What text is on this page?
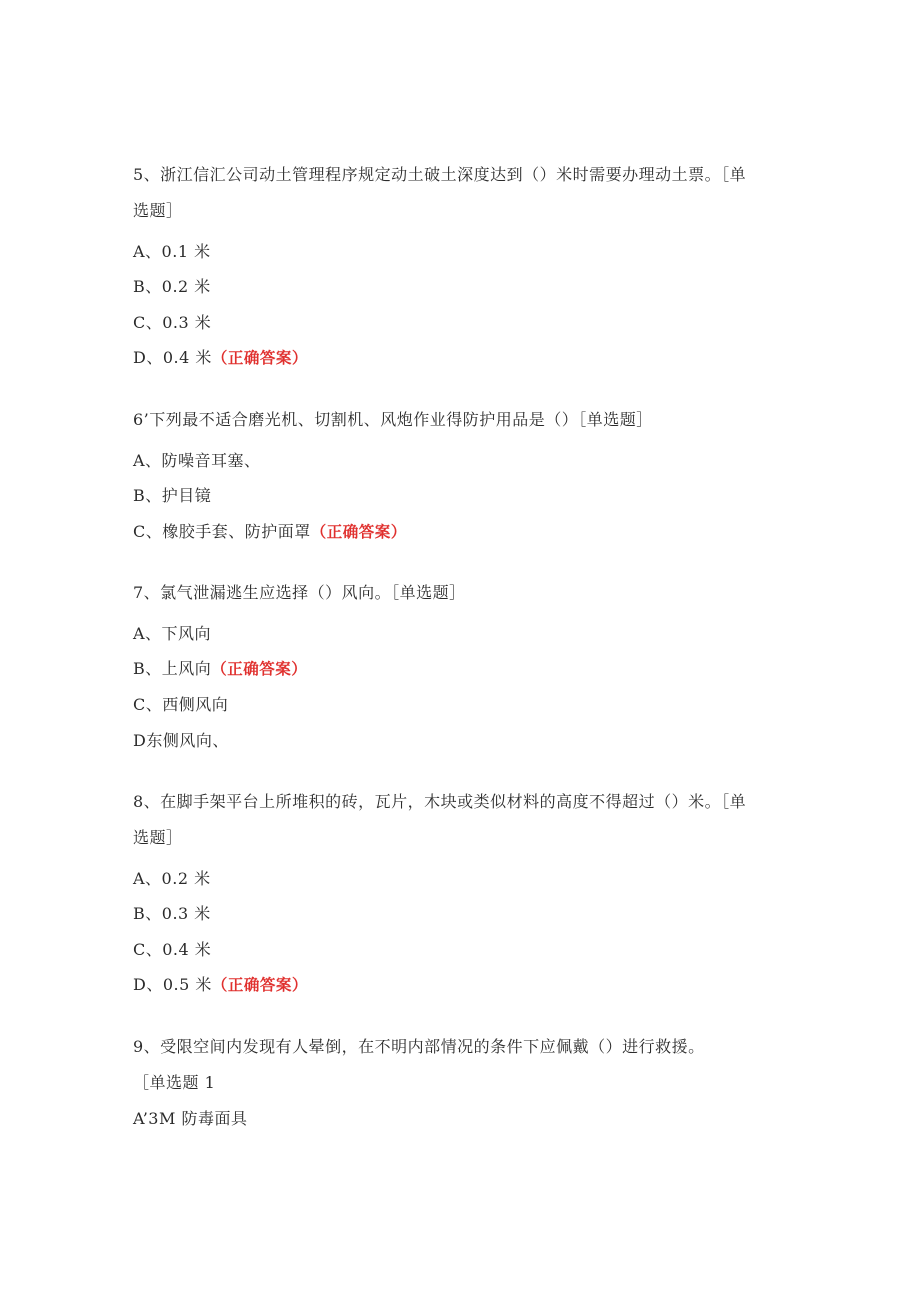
5、浙江信汇公司动土管理程序规定动土破土深度达到（）米时需要办理动土票。［单
选题］
A、0.1 米
B、0.2 米
C、0.3 米
D、0.4 米（正确答案）
6’下列最不适合磨光机、切割机、风炮作业得防护用品是（）［单选题］
A、防噪音耳塞、
B、护目镜
C、橡胶手套、防护面罩（正确答案）
7、氯气泄漏逃生应选择（）风向。［单选题］
A、下风向
B、上风向（正确答案）
C、西侧风向
D东侧风向、
8、在脚手架平台上所堆积的砖，瓦片，木块或类似材料的高度不得超过（）米。［单
选题］
A、0.2 米
B、0.3 米
C、0.4 米
D、0.5 米（正确答案）
9、受限空间内发现有人晕倒，在不明内部情况的条件下应佩戴（）进行救援。
［单选题 1
A’3M 防毒面具
